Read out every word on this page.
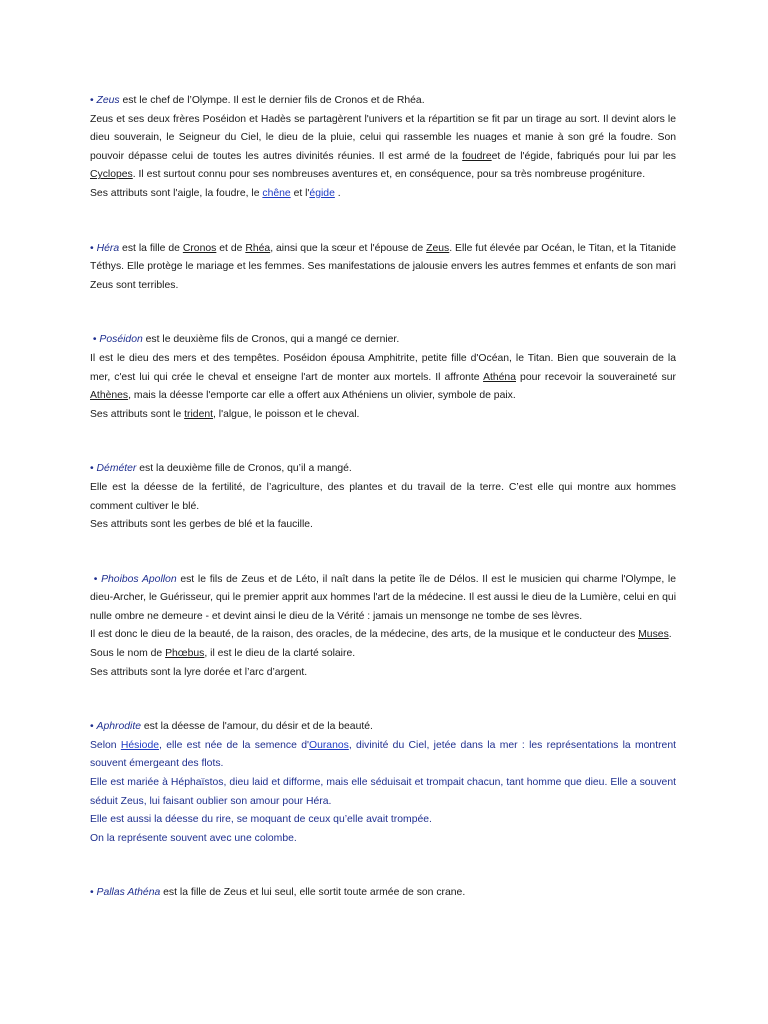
• Zeus est le chef de l’Olympe. Il est le dernier fils de Cronos et de Rhéa.

Zeus et ses deux frères Poséidon et Hadès se partagèrent l'univers et la répartition se fit par un tirage au sort. Il devint alors le dieu souverain, le Seigneur du Ciel, le dieu de la pluie, celui qui rassemble les nuages et manie à son gré la foudre. Son pouvoir dépasse celui de toutes les autres divinités réunies. Il est armé de la foudreet de l'égide, fabriqués pour lui par les Cyclopes. Il est surtout connu pour ses nombreuses aventures et, en conséquence, pour sa très nombreuse progéniture.

Ses attributs sont l'aigle, la foudre, le chêne et l'égide .

• Héra est la fille de Cronos et de Rhéa, ainsi que la sœur et l'épouse de Zeus. Elle fut élevée par Océan, le Titan, et la Titanide Téthys. Elle protège le mariage et les femmes. Ses manifestations de jalousie envers les autres femmes et enfants de son mari Zeus sont terribles.

• Poséidon est le deuxième fils de Cronos, qui a mangé ce dernier.

Il est le dieu des mers et des tempêtes. Poséidon épousa Amphitrite, petite fille d'Océan, le Titan. Bien que souverain de la mer, c'est lui qui crée le cheval et enseigne l'art de monter aux mortels. Il affronte Athéna pour recevoir la souveraineté sur Athènes, mais la déesse l'emporte car elle a offert aux Athéniens un olivier, symbole de paix.

Ses attributs sont le trident, l'algue, le poisson et le cheval.

• Déméter est la deuxième fille de Cronos, qu’il a mangé.

Elle est la déesse de la fertilité, de l’agriculture, des plantes et du travail de la terre. C’est elle qui montre aux hommes comment cultiver le blé.

Ses attributs sont les gerbes de blé et la faucille.

• Phoibos Apollon est le fils de Zeus et de Léto, il naît dans la petite île de Délos. Il est le musicien qui charme l'Olympe, le dieu-Archer, le Guérisseur, qui le premier apprit aux hommes l'art de la médecine. Il est aussi le dieu de la Lumière, celui en qui nulle ombre ne demeure - et devint ainsi le dieu de la Vérité : jamais un mensonge ne tombe de ses lèvres.

Il est donc le dieu de la beauté, de la raison, des oracles, de la médecine, des arts, de la musique et le conducteur des Muses.

Sous le nom de Phœbus, il est le dieu de la clarté solaire.

Ses attributs sont la lyre dorée et l’arc d’argent.

• Aphrodite est la déesse de l'amour, du désir et de la beauté.

Selon Hésiode, elle est née de la semence d'Ouranos, divinité du Ciel, jetée dans la mer : les représentations la montrent souvent émergeant des flots.

Elle est mariée à Héphaïstos, dieu laid et difforme, mais elle séduisait et trompait chacun, tant homme que dieu. Elle a souvent séduit Zeus, lui faisant oublier son amour pour Héra.

Elle est aussi la déesse du rire, se moquant de ceux qu’elle avait trompée.

On la représente souvent avec une colombe.

• Pallas Athéna est la fille de Zeus et lui seul, elle sortit toute armée de son crane.
